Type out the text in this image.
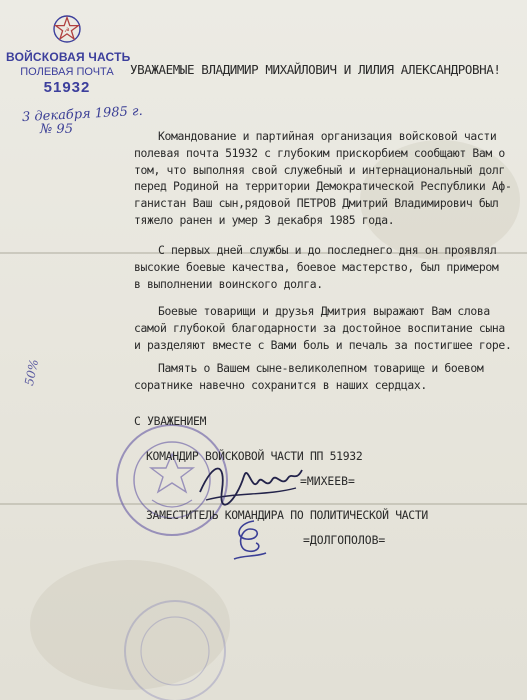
☭
ВОЙСКОВАЯ ЧАСТЬ
ПОЛЕВАЯ ПОЧТА
51932
3 декабря 1985 г.
№ 95
50%
УВАЖАЕМЫЕ ВЛАДИМИР МИХАЙЛОВИЧ И ЛИЛИЯ АЛЕКСАНДРОВНА!
Командование и партийная организация войсковой части
полевая почта 51932 с глубоким прискорбием сообщают Вам о
том, что выполняя свой служебный и интернациональный долг
перед Родиной на территории Демократической Республики Аф-
ганистан Ваш сын,рядовой ПЕТРОВ Дмитрий Владимирович был
тяжело ранен и умер 3 декабря 1985 года.
С первых дней службы и до последнего дня он проявлял
высокие боевые качества, боевое мастерство, был примером
в выполнении воинского долга.
Боевые товарищи и друзья Дмитрия выражают Вам слова
самой глубокой благодарности за достойное воспитание сына
и разделяют вместе с Вами боль и печаль за постигшее горе.
Память о Вашем сыне-великолепном товарище и боевом
соратнике навечно сохранится в наших сердцах.
С УВАЖЕНИЕМ
КОМАНДИР ВОЙСКОВОЙ ЧАСТИ ПП 51932
=МИХЕЕВ=
ЗАМЕСТИТЕЛЬ КОМАНДИРА ПО ПОЛИТИЧЕСКОЙ ЧАСТИ
=ДОЛГОПОЛОВ=
